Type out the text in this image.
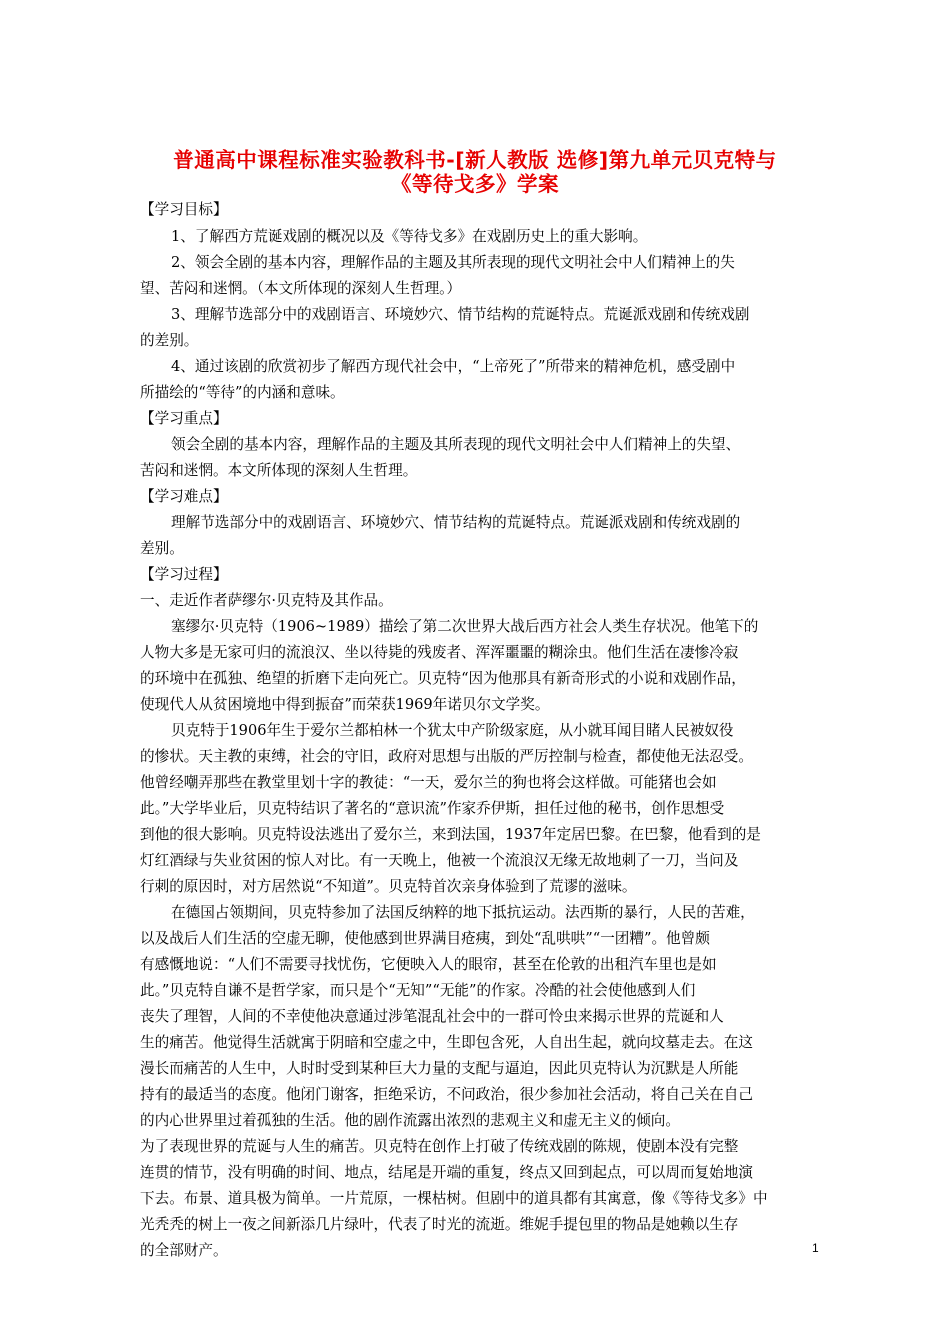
普通高中课程标准实验教科书-[新人教版 选修]第九单元贝克特与
《等待戈多》学案
【学习目标】
1、了解西方荒诞戏剧的概况以及《等待戈多》在戏剧历史上的重大影响。
2、领会全剧的基本内容，理解作品的主题及其所表现的现代文明社会中人们精神上的失
望、苦闷和迷惘。（本文所体现的深刻人生哲理。）
3、理解节选部分中的戏剧语言、环境妙穴、情节结构的荒诞特点。荒诞派戏剧和传统戏剧
的差别。
4、通过该剧的欣赏初步了解西方现代社会中，“上帝死了”所带来的精神危机，感受剧中
所描绘的“等待”的内涵和意味。
【学习重点】
领会全剧的基本内容，理解作品的主题及其所表现的现代文明社会中人们精神上的失望、
苦闷和迷惘。本文所体现的深刻人生哲理。
【学习难点】
理解节选部分中的戏剧语言、环境妙穴、情节结构的荒诞特点。荒诞派戏剧和传统戏剧的
差别。
【学习过程】
一、走近作者萨缪尔·贝克特及其作品。
塞缪尔·贝克特（1906~1989）描绘了第二次世界大战后西方社会人类生存状况。他笔下的
人物大多是无家可归的流浪汉、坐以待毙的残废者、浑浑噩噩的糊涂虫。他们生活在凄惨冷寂
的环境中在孤独、绝望的折磨下走向死亡。贝克特“因为他那具有新奇形式的小说和戏剧作品，
使现代人从贫困境地中得到振奋”而荣获1969年诺贝尔文学奖。
贝克特于1906年生于爱尔兰都柏林一个犹太中产阶级家庭，从小就耳闻目睹人民被奴役
的惨状。天主教的束缚，社会的守旧，政府对思想与出版的严厉控制与检查，都使他无法忍受。
他曾经嘲弄那些在教堂里划十字的教徒：“一天，爱尔兰的狗也将会这样做。可能猪也会如
此。”大学毕业后，贝克特结识了著名的“意识流”作家乔伊斯，担任过他的秘书，创作思想受
到他的很大影响。贝克特设法逃出了爱尔兰，来到法国，1937年定居巴黎。在巴黎，他看到的是
灯红酒绿与失业贫困的惊人对比。有一天晚上，他被一个流浪汉无缘无故地刺了一刀，当问及
行刺的原因时，对方居然说“不知道”。贝克特首次亲身体验到了荒谬的滋味。
在德国占领期间，贝克特参加了法国反纳粹的地下抵抗运动。法西斯的暴行，人民的苦难，
以及战后人们生活的空虚无聊，使他感到世界满目疮痍，到处“乱哄哄”“一团糟”。他曾颇
有感慨地说：“人们不需要寻找忧伤，它便映入人的眼帘，甚至在伦敦的出租汽车里也是如
此。”贝克特自谦不是哲学家，而只是个“无知”“无能”的作家。冷酷的社会使他感到人们
丧失了理智，人间的不幸使他决意通过涉笔混乱社会中的一群可怜虫来揭示世界的荒诞和人
生的痛苦。他觉得生活就寓于阴暗和空虚之中，生即包含死，人自出生起，就向坟墓走去。在这
漫长而痛苦的人生中，人时时受到某种巨大力量的支配与逼迫，因此贝克特认为沉默是人所能
持有的最适当的态度。他闭门谢客，拒绝采访，不问政治，很少参加社会活动，将自己关在自己
的内心世界里过着孤独的生活。他的剧作流露出浓烈的悲观主义和虚无主义的倾向。
为了表现世界的荒诞与人生的痛苦。贝克特在创作上打破了传统戏剧的陈规，使剧本没有完整
连贯的情节，没有明确的时间、地点，结尾是开端的重复，终点又回到起点，可以周而复始地演
下去。布景、道具极为简单。一片荒原，一棵枯树。但剧中的道具都有其寓意，像《等待戈多》中
光秃秃的树上一夜之间新添几片绿叶，代表了时光的流逝。维妮手提包里的物品是她赖以生存
的全部财产。	1
